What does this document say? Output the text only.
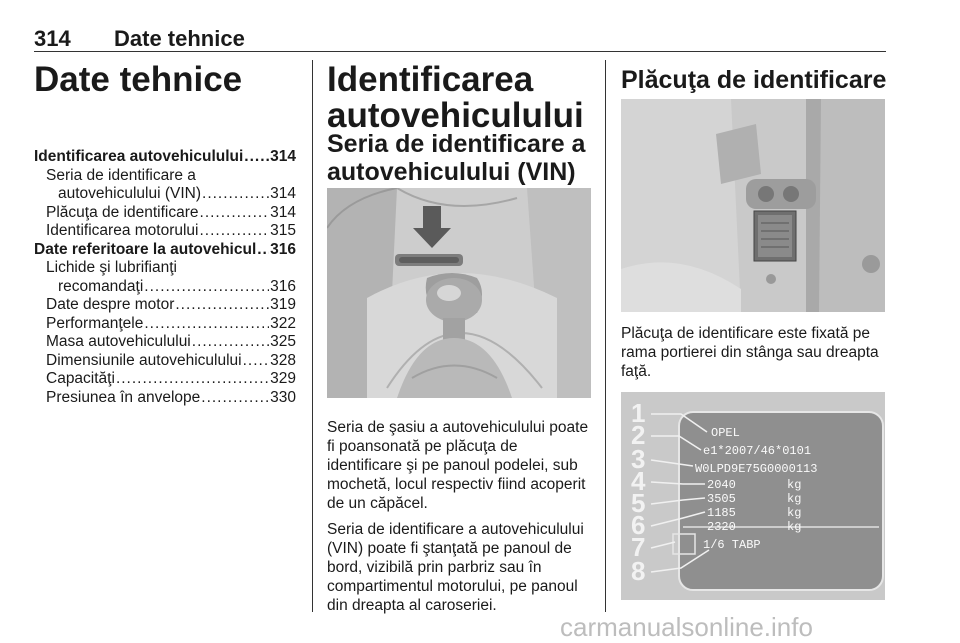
314 Date tehnice
Date tehnice
Identificarea autovehiculului ..... 314
Seria de identificare a
autovehiculului (VIN) .....	314
Plăcuţa de identificare .....	314
Identificarea motorului .....	315
Date referitoare la autovehicul ..... 316
Lichide şi lubrifianţi
recomandaţi .....	316
Date despre motor .....	319
Performanţele .....	322
Masa autovehiculului .....	325
Dimensiunile autovehiculului ..... 328
Capacităţi .....	329
Presiunea în anvelope .....	330
Identificarea
autovehiculului
Seria de identificare a
autovehiculului (VIN)

Seria de şasiu a autovehiculului poate fi poansonată pe plăcuţa de identificare şi pe panoul podelei, sub mochetă, locul respectiv fiind acoperit de un căpăcel.

Seria de identificare a autovehiculului (VIN) poate fi ştanţată pe panoul de bord, vizibilă prin parbriz sau în compartimentul motorului, pe panoul din dreapta al caroseriei.

Plăcuţa de identificare
Plăcuţa de identificare este fixată pe rama portierei din stânga sau dreapta faţă.
OPEL
e1*2007/46*0101
W0LPD9E75G0000113
2040
3505
1185
2320
kg
kg
kg
kg
1/6 TABP
1
2
3
4
5
6
7
8
carmanualsonline.info
